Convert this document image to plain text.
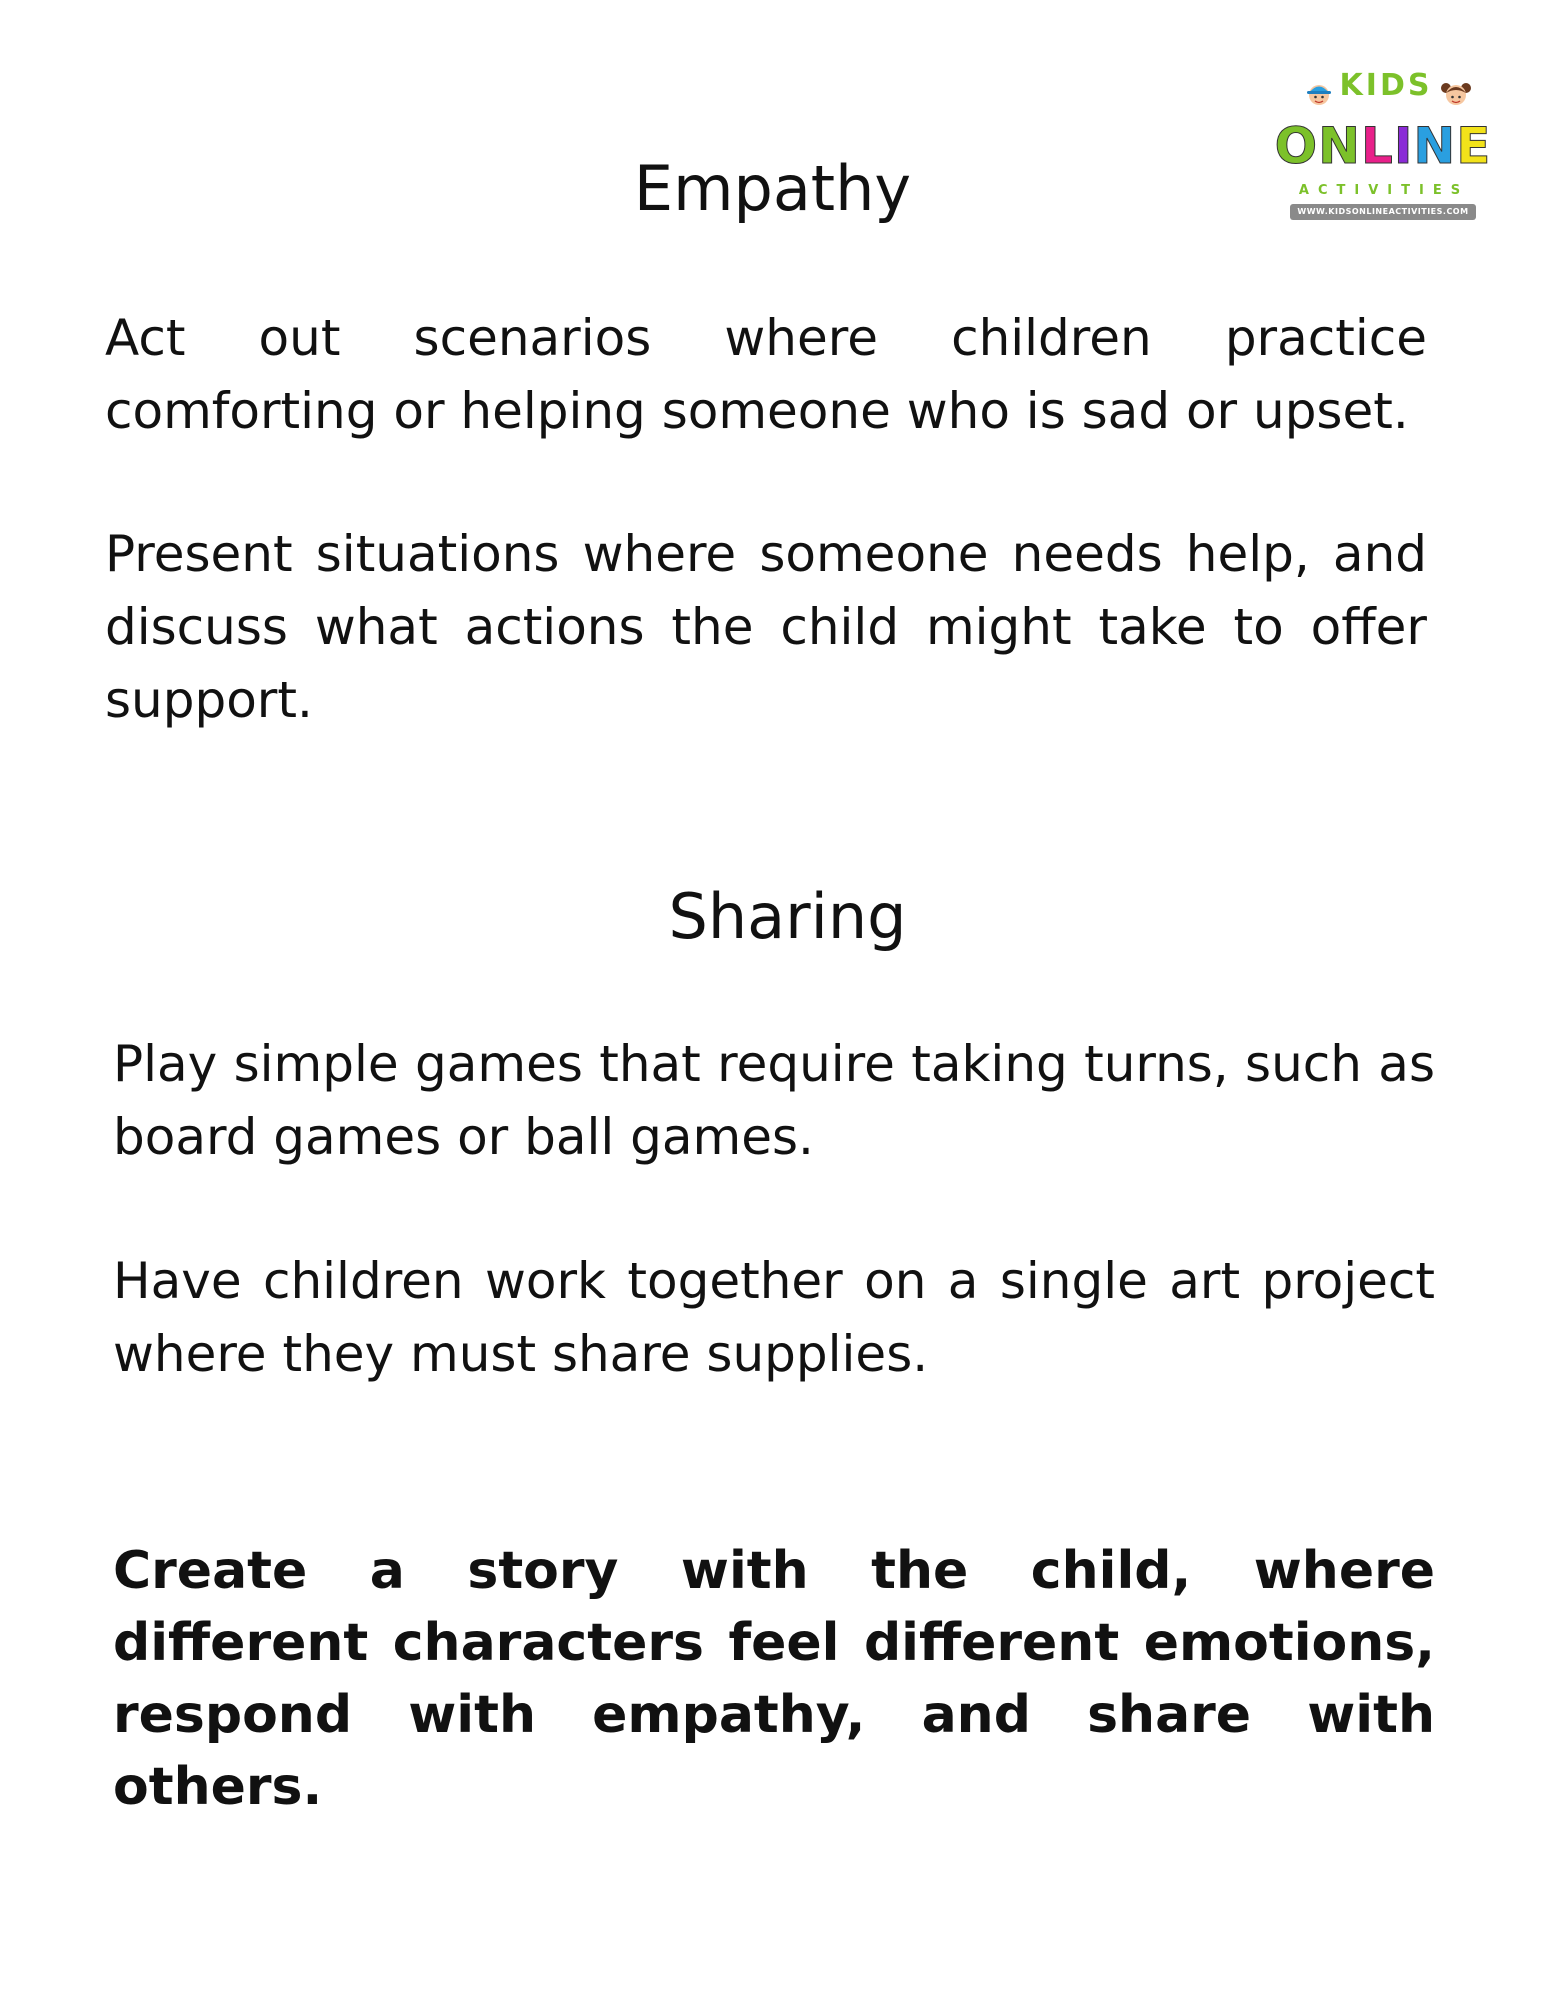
KIDS
ONLINE
ACTIVITIES
WWW.KIDSONLINEACTIVITIES.COM
Empathy

Act out scenarios where children practice comforting or helping someone who is sad or upset.

Present situations where someone needs help, and discuss what actions the child might take to offer support.

Sharing

Play simple games that require taking turns, such as board games or ball games.

Have children work together on a single art project where they must share supplies.

Create a story with the child, where different characters feel different emotions, respond with empathy, and share with others.
